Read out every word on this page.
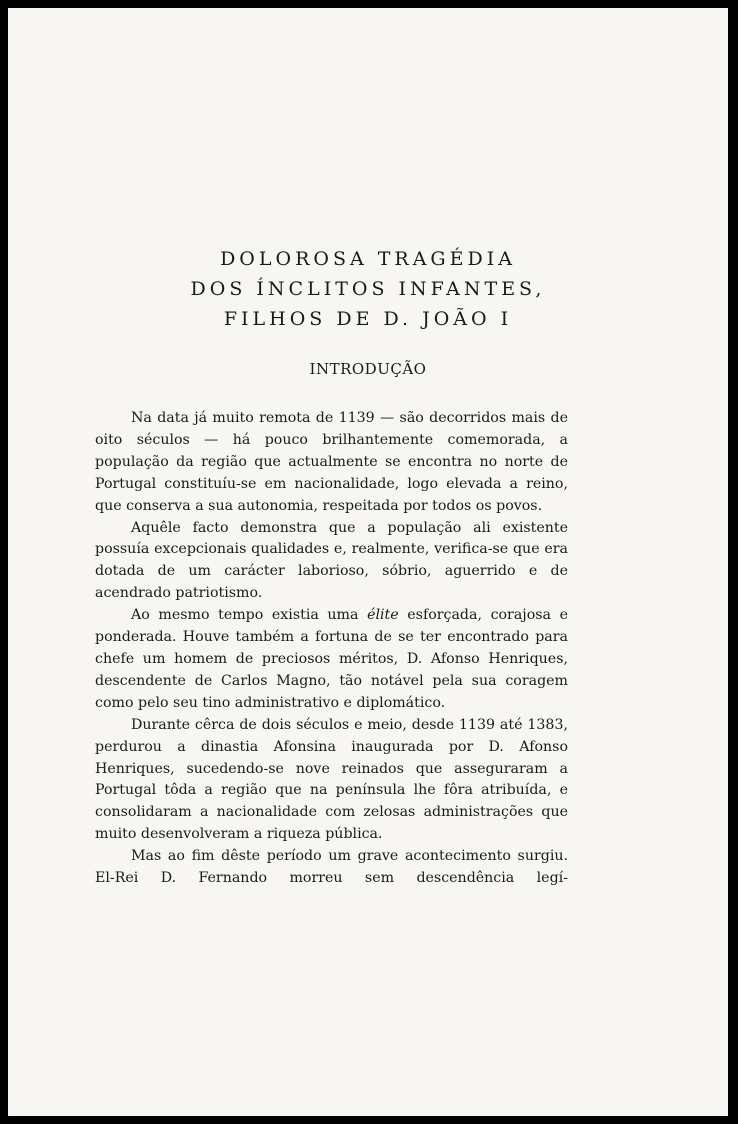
DOLOROSA TRAGÉDIA
DOS ÍNCLITOS INFANTES,
FILHOS DE D. JOÃO I
INTRODUÇÃO

Na data já muito remota de 1139 — são decorridos mais de oito séculos — há pouco brilhantemente comemorada, a população da região que actualmente se encontra no norte de Portugal constituíu-se em nacionalidade, logo elevada a reino, que conserva a sua autonomia, respeitada por todos os povos.

Aquêle facto demonstra que a população ali existente possuía excepcionais qualidades e, realmente, verifica-se que era dotada de um carácter laborioso, sóbrio, aguerrido e de acendrado patriotismo.

Ao mesmo tempo existia uma élite esforçada, corajosa e ponderada. Houve também a fortuna de se ter encontrado para chefe um homem de preciosos méritos, D. Afonso Henriques, descendente de Carlos Magno, tão notável pela sua coragem como pelo seu tino administrativo e diplomático.

Durante cêrca de dois séculos e meio, desde 1139 até 1383, perdurou a dinastia Afonsina inaugurada por D. Afonso Henriques, sucedendo-se nove reinados que asseguraram a Portugal tôda a região que na península lhe fôra atribuída, e consolidaram a nacionalidade com zelosas administrações que muito desenvolveram a riqueza pública.

Mas ao fim dêste período um grave acontecimento surgiu. El-Rei D. Fernando morreu sem descendência legí-
